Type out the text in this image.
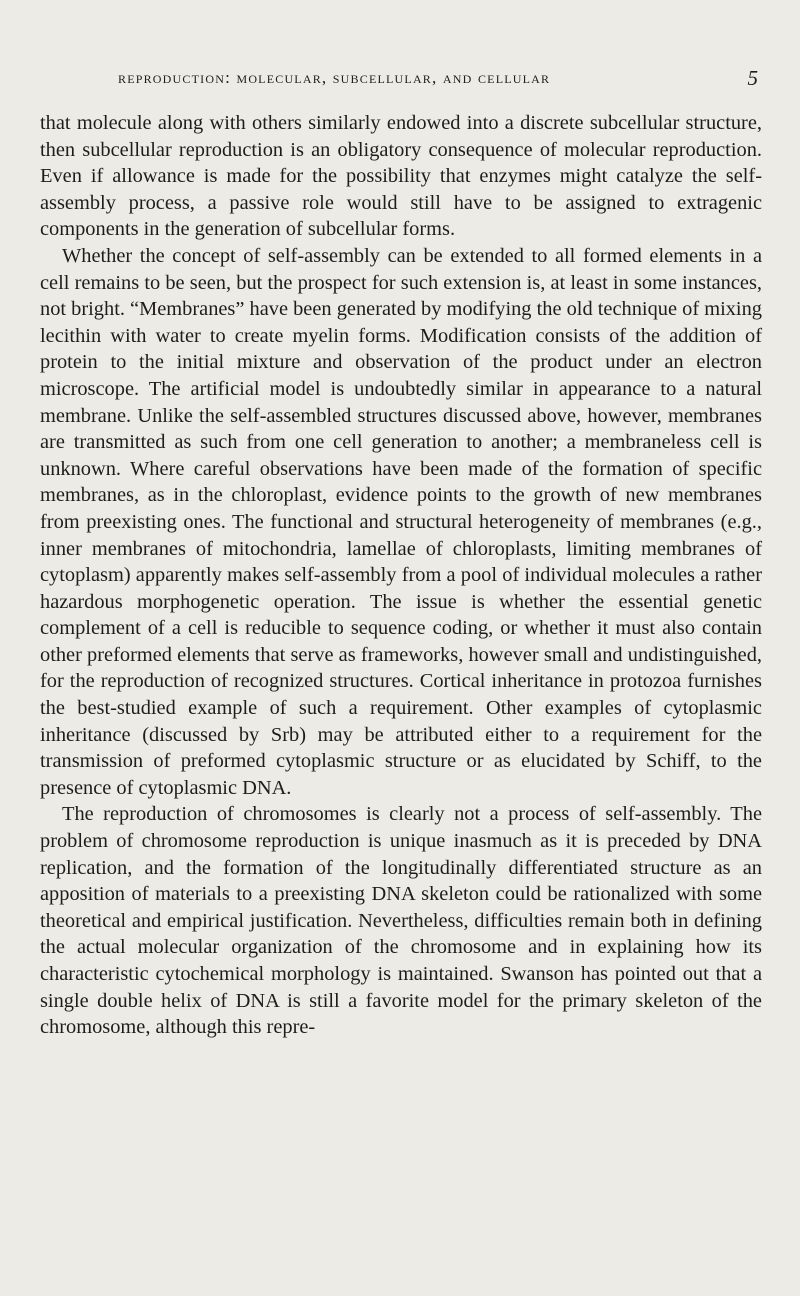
reproduction: molecular, subcellular, and cellular	5

that molecule along with others similarly endowed into a discrete subcellular structure, then subcellular reproduction is an obligatory consequence of molecular reproduction. Even if allowance is made for the possibility that enzymes might catalyze the self-assembly process, a passive role would still have to be assigned to extragenic components in the generation of subcellular forms.

Whether the concept of self-assembly can be extended to all formed elements in a cell remains to be seen, but the prospect for such extension is, at least in some instances, not bright. “Membranes” have been generated by modifying the old technique of mixing lecithin with water to create myelin forms. Modification consists of the addition of protein to the initial mixture and observation of the product under an electron microscope. The artificial model is undoubtedly similar in appearance to a natural membrane. Unlike the self-assembled structures discussed above, however, membranes are transmitted as such from one cell generation to another; a membraneless cell is unknown. Where careful observations have been made of the formation of specific membranes, as in the chloroplast, evidence points to the growth of new membranes from preexisting ones. The functional and structural heterogeneity of membranes (e.g., inner membranes of mitochondria, lamellae of chloroplasts, limiting membranes of cytoplasm) apparently makes self-assembly from a pool of individual molecules a rather hazardous morphogenetic operation. The issue is whether the essential genetic complement of a cell is reducible to sequence coding, or whether it must also contain other preformed elements that serve as frameworks, however small and undistinguished, for the reproduction of recognized structures. Cortical inheritance in protozoa furnishes the best-studied example of such a requirement. Other examples of cytoplasmic inheritance (discussed by Srb) may be attributed either to a requirement for the transmission of preformed cytoplasmic structure or as elucidated by Schiff, to the presence of cytoplasmic DNA.

The reproduction of chromosomes is clearly not a process of self-assembly. The problem of chromosome reproduction is unique inasmuch as it is preceded by DNA replication, and the formation of the longitudinally differentiated structure as an apposition of materials to a preexisting DNA skeleton could be rationalized with some theoretical and empirical justification. Nevertheless, difficulties remain both in defining the actual molecular organization of the chromosome and in explaining how its characteristic cytochemical morphology is maintained. Swanson has pointed out that a single double helix of DNA is still a favorite model for the primary skeleton of the chromosome, although this repre-
